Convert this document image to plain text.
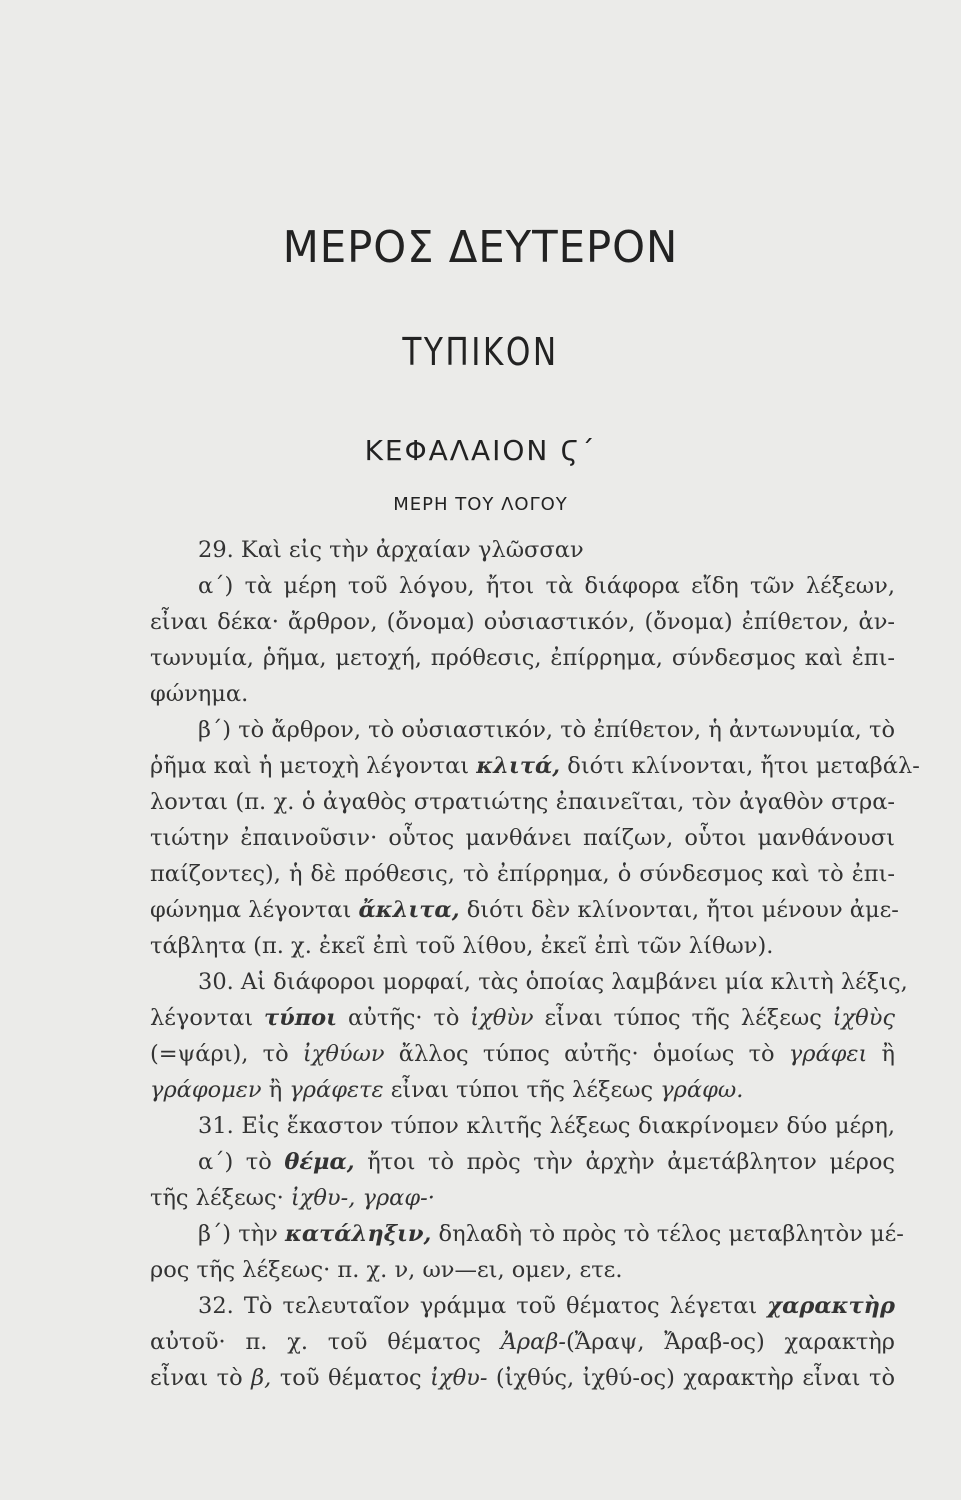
ΜΕΡΟΣ ΔΕΥΤΕΡΟΝ
ΤΥΠΙΚΟΝ
ΚΕΦΑΛΑΙΟΝ Ϛ΄
ΜΕΡΗ ΤΟΥ ΛΟΓΟΥ
29. Καὶ εἰς τὴν ἀρχαίαν γλῶσσαν
α΄) τὰ μέρη τοῦ λόγου, ἤτοι τὰ διάφορα εἴδη τῶν λέξεων,
εἶναι δέκα· ἄρθρον, (ὄνομα) οὐσιαστικόν, (ὄνομα) ἐπίθετον, ἀν-
τωνυμία, ῥῆμα, μετοχή, πρόθεσις, ἐπίρρημα, σύνδεσμος καὶ ἐπι-
φώνημα.
β΄) τὸ ἄρθρον, τὸ οὐσιαστικόν, τὸ ἐπίθετον, ἡ ἀντωνυμία, τὸ
ῥῆμα καὶ ἡ μετοχὴ λέγονται κλιτά, διότι κλίνονται, ἤτοι μεταβάλ-
λονται (π. χ. ὁ ἀγαθὸς στρατιώτης ἐπαινεῖται, τὸν ἀγαθὸν στρα-
τιώτην ἐπαινοῦσιν· οὗτος μανθάνει παίζων, οὗτοι μανθάνουσι
παίζοντες), ἡ δὲ πρόθεσις, τὸ ἐπίρρημα, ὁ σύνδεσμος καὶ τὸ ἐπι-
φώνημα λέγονται ἄκλιτα, διότι δὲν κλίνονται, ἤτοι μένουν ἀμε-
τάβλητα (π. χ. ἐκεῖ ἐπὶ τοῦ λίθου, ἐκεῖ ἐπὶ τῶν λίθων).
30. Αἱ διάφοροι μορφαί, τὰς ὁποίας λαμβάνει μία κλιτὴ λέξις,
λέγονται τύποι αὐτῆς· τὸ ἰχθὺν εἶναι τύπος τῆς λέξεως ἰχθὺς
(=ψάρι), τὸ ἰχθύων ἄλλος τύπος αὐτῆς· ὁμοίως τὸ γράφει ἢ
γράφομεν ἢ γράφετε εἶναι τύποι τῆς λέξεως γράφω.
31. Εἰς ἕκαστον τύπον κλιτῆς λέξεως διακρίνομεν δύο μέρη,
α΄) τὸ θέμα, ἤτοι τὸ πρὸς τὴν ἀρχὴν ἀμετάβλητον μέρος
τῆς λέξεως· ἰχθυ-, γραφ-·
β΄) τὴν κατάληξιν, δηλαδὴ τὸ πρὸς τὸ τέλος μεταβλητὸν μέ-
ρος τῆς λέξεως· π. χ. ν, ων—ει, ομεν, ετε.
32. Τὸ τελευταῖον γράμμα τοῦ θέματος λέγεται χαρακτὴρ
αὐτοῦ· π. χ. τοῦ θέματος Ἀραβ-(Ἄραψ, Ἄραβ-ος) χαρακτὴρ
εἶναι τὸ β, τοῦ θέματος ἰχθυ- (ἰχθύς, ἰχθύ-ος) χαρακτὴρ εἶναι τὸ
